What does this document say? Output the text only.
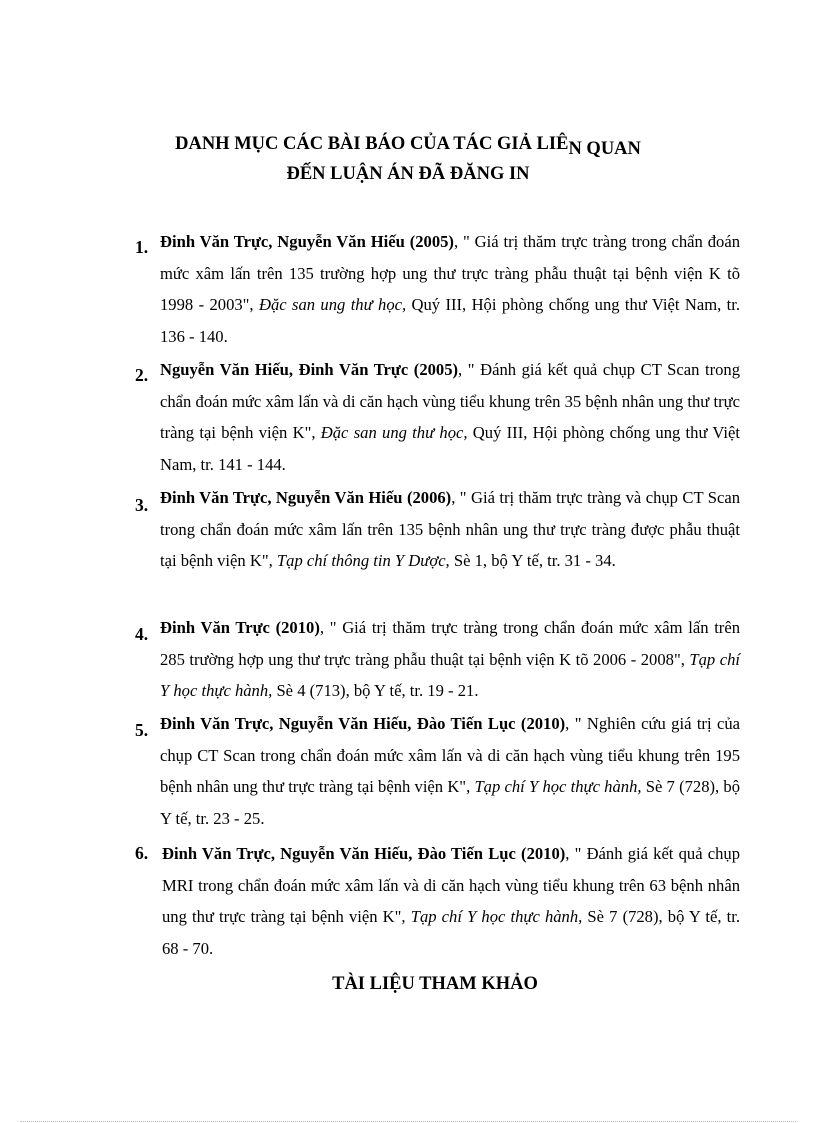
DANH MỤC CÁC BÀI BÁO CỦA TÁC GIẢ LIÊN QUAN
ĐẾN LUẬN ÁN ĐÃ ĐĂNG IN
1. Đinh Văn Trực, Nguyễn Văn Hiếu (2005), " Giá trị thăm trực tràng trong chẩn đoán mức xâm lấn trên 135 trường hợp ung thư trực tràng phẫu thuật tại bệnh viện K tõ 1998 - 2003", Đặc san ung thư học, Quý III, Hội phòng chống ung thư Việt Nam, tr. 136 - 140.

2. Nguyễn Văn Hiếu, Đinh Văn Trực (2005), " Đánh giá kết quả chụp CT Scan trong chẩn đoán mức xâm lấn và di căn hạch vùng tiểu khung trên 35 bệnh nhân ung thư trực tràng tại bệnh viện K", Đặc san ung thư học, Quý III, Hội phòng chống ung thư Việt Nam, tr. 141 - 144.

3. Đinh Văn Trực, Nguyễn Văn Hiếu (2006), " Giá trị thăm trực tràng và chụp CT Scan trong chẩn đoán mức xâm lấn trên 135 bệnh nhân ung thư trực tràng được phẫu thuật tại bệnh viện K", Tạp chí thông tin Y Dược, Sè 1, bộ Y tế, tr. 31 - 34.

4. Đinh Văn Trực (2010), " Giá trị thăm trực tràng trong chẩn đoán mức xâm lấn trên 285 trường hợp ung thư trực tràng phẫu thuật tại bệnh viện K tõ 2006 - 2008", Tạp chí Y học thực hành, Sè 4 (713), bộ Y tế, tr. 19 - 21.

5. Đinh Văn Trực, Nguyễn Văn Hiếu, Đào Tiến Lục (2010), " Nghiên cứu giá trị của chụp CT Scan trong chẩn đoán mức xâm lấn và di căn hạch vùng tiểu khung trên 195 bệnh nhân ung thư trực tràng tại bệnh viện K", Tạp chí Y học thực hành, Sè 7 (728), bộ Y tế, tr. 23 - 25.

6. Đinh Văn Trực, Nguyễn Văn Hiếu, Đào Tiến Lục (2010), " Đánh giá kết quả chụp MRI trong chẩn đoán mức xâm lấn và di căn hạch vùng tiểu khung trên 63 bệnh nhân ung thư trực tràng tại bệnh viện K", Tạp chí Y học thực hành, Sè 7 (728), bộ Y tế, tr. 68 - 70.

TÀI LIỆU THAM KHẢO
